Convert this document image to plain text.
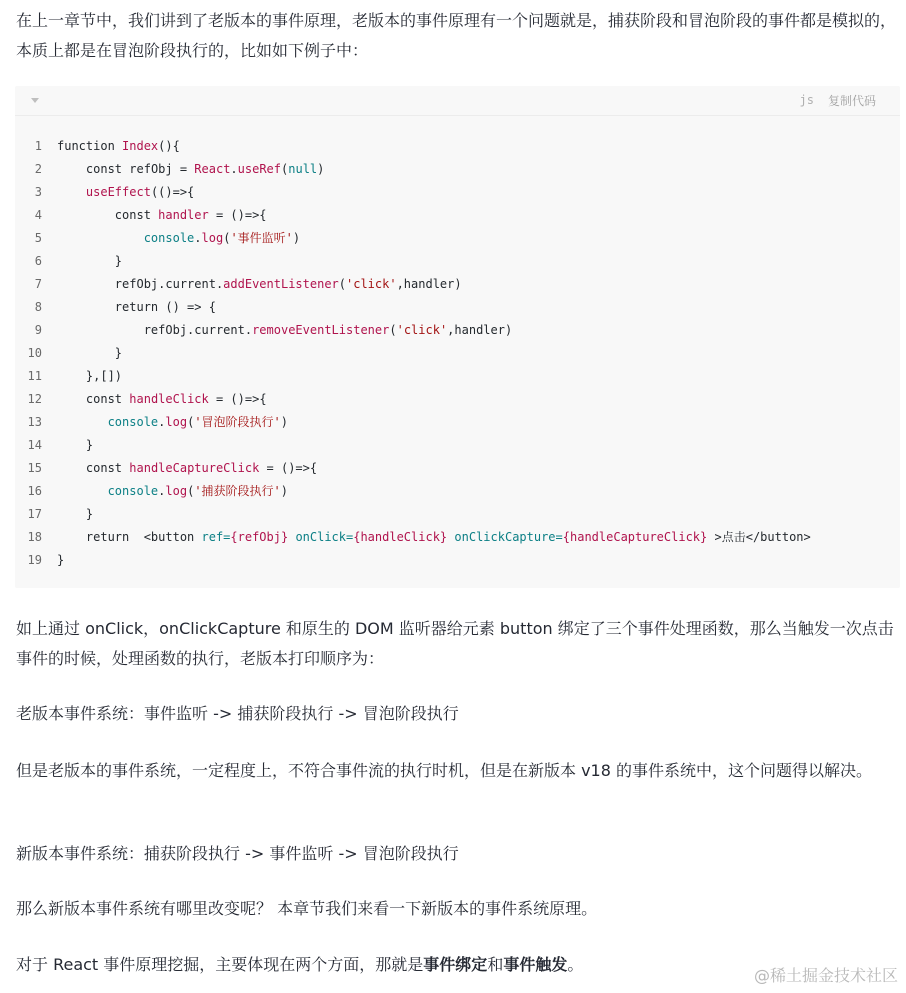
在上一章节中，我们讲到了老版本的事件原理，老版本的事件原理有一个问题就是，捕获阶段和冒泡阶段的事件都是模拟的，本质上都是在冒泡阶段执行的，比如如下例子中：

js 复制代码
1 function Index(){
2	const refObj = React.useRef(null)
3	useEffect(()=>{
4	const handler = ()=>{
5	console.log('事件监听')
6	}
7	refObj.current.addEventListener('click',handler)
8	return () => {
9	refObj.current.removeEventListener('click',handler)
10	}
11	},[])
12	const handleClick = ()=>{
13	console.log('冒泡阶段执行')
14	}
15	const handleCaptureClick = ()=>{
16	console.log('捕获阶段执行')
17	}
18	return  <button ref={refObj} onClick={handleClick} onClickCapture={handleCaptureClick} >点击</button>
19 }

如上通过 onClick，onClickCapture 和原生的 DOM 监听器给元素 button 绑定了三个事件处理函数，那么当触发一次点击事件的时候，处理函数的执行，老版本打印顺序为：

老版本事件系统：事件监听 -> 捕获阶段执行 -> 冒泡阶段执行

但是老版本的事件系统，一定程度上，不符合事件流的执行时机，但是在新版本 v18 的事件系统中，这个问题得以解决。

新版本事件系统：捕获阶段执行 -> 事件监听 -> 冒泡阶段执行

那么新版本事件系统有哪里改变呢？ 本章节我们来看一下新版本的事件系统原理。

对于 React 事件原理挖掘，主要体现在两个方面，那就是事件绑定和事件触发。

@稀土掘金技术社区
